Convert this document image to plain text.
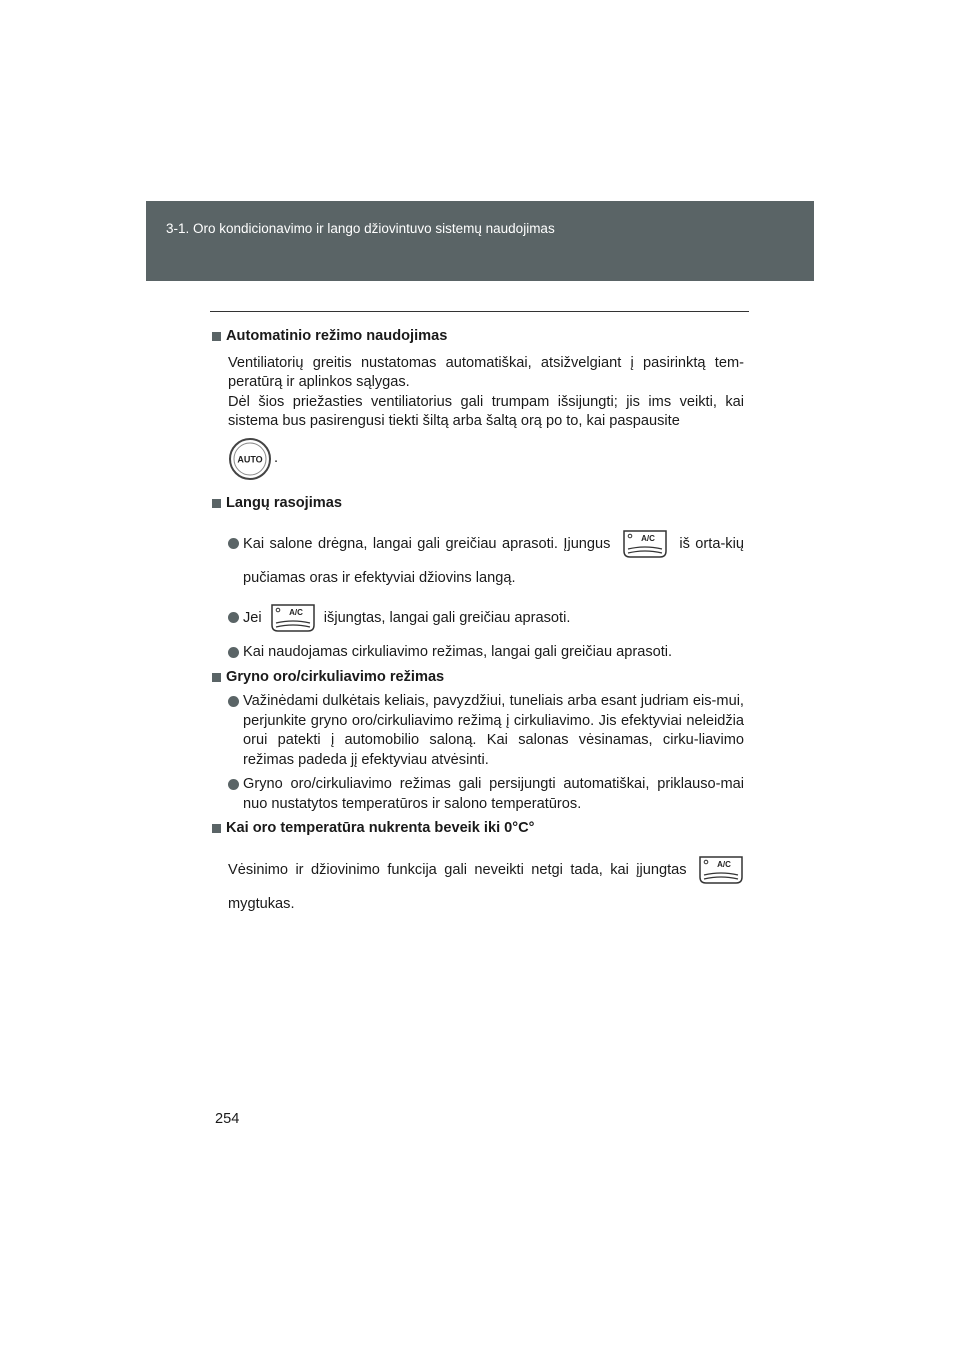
3-1. Oro kondicionavimo ir lango džiovintuvo sistemų naudojimas
Automatinio režimo naudojimas
Ventiliatorių greitis nustatomas automatiškai, atsižvelgiant į pasirinktą tem-peratūrą ir aplinkos sąlygas.
Dėl šios priežasties ventiliatorius gali trumpam išsijungti; jis ims veikti, kai sistema bus pasirengusi tiekti šiltą arba šaltą orą po to, kai paspausite
AUTO .
Langų rasojimas
Kai salone drėgna, langai gali greičiau aprasoti. Įjungus	A/C iš orta-kių pučiamas oras ir efektyviai džiovins langą.
Jei	A/C išjungtas, langai gali greičiau aprasoti.
Kai naudojamas cirkuliavimo režimas, langai gali greičiau aprasoti.
Gryno oro/cirkuliavimo režimas
Važinėdami dulkėtais keliais, pavyzdžiui, tuneliais arba esant judriam eis-mui, perjunkite gryno oro/cirkuliavimo režimą į cirkuliavimo. Jis efektyviai neleidžia orui patekti į automobilio saloną. Kai salonas vėsinamas, cirku-liavimo režimas padeda jį efektyviau atvėsinti.
Gryno oro/cirkuliavimo režimas gali persijungti automatiškai, priklauso-mai nuo nustatytos temperatūros ir salono temperatūros.
Kai oro temperatūra nukrenta beveik iki 0°C°
Vėsinimo ir džiovinimo funkcija gali neveikti netgi tada, kai įjungtas	A/C
mygtukas.
254
